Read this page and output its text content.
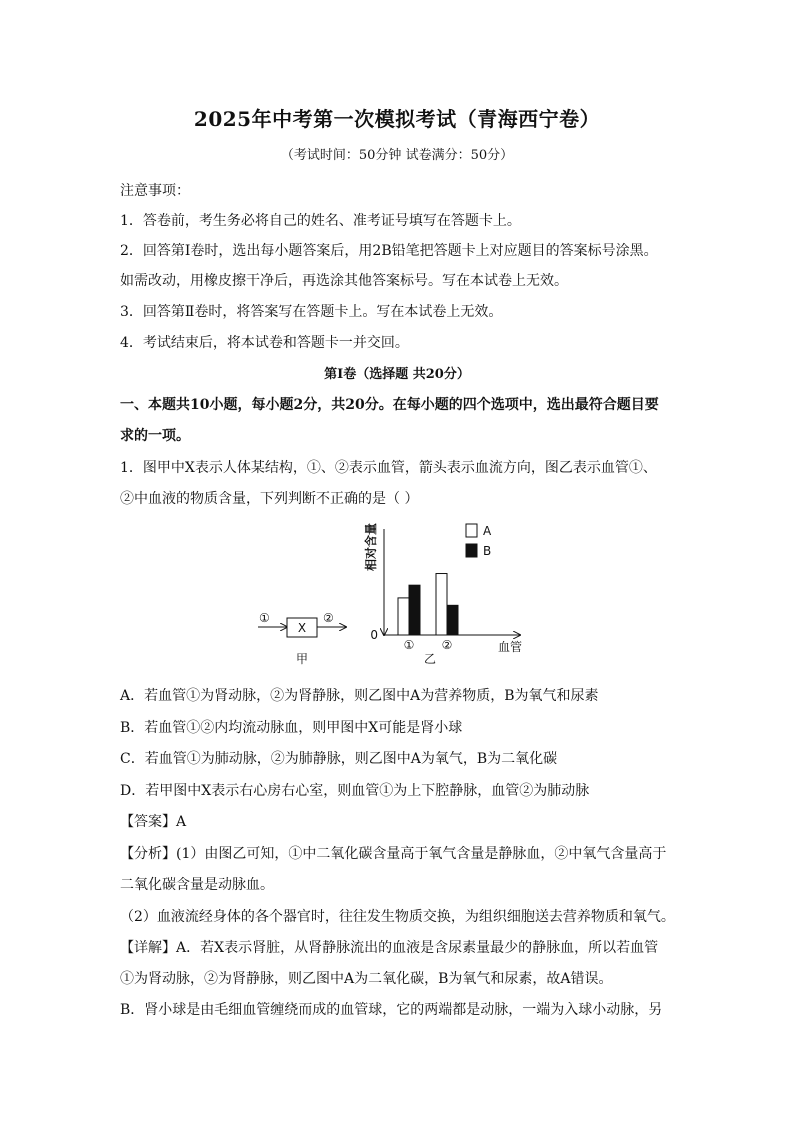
2025年中考第一次模拟考试（青海西宁卷）
（考试时间：50分钟 试卷满分：50分）
注意事项：
1．答卷前，考生务必将自己的姓名、准考证号填写在答题卡上。
2．回答第Ⅰ卷时，选出每小题答案后，用2B铅笔把答题卡上对应题目的答案标号涂黑。
如需改动，用橡皮擦干净后，再选涂其他答案标号。写在本试卷上无效。
3．回答第Ⅱ卷时，将答案写在答题卡上。写在本试卷上无效。
4．考试结束后，将本试卷和答题卡一并交回。
第Ⅰ卷（选择题 共20分）
一、本题共10小题，每小题2分，共20分。在每小题的四个选项中，选出最符合题目要
求的一项。
1．图甲中X表示人体某结构，①、②表示血管，箭头表示血流方向，图乙表示血管①、
②中血液的物质含量，下列判断不正确的是（ ）
①	②
X
甲
0
血管
相对含量
乙
① ②
A
B
A．若血管①为肾动脉，②为肾静脉，则乙图中A为营养物质，B为氧气和尿素
B．若血管①②内均流动脉血，则甲图中X可能是肾小球
C．若血管①为肺动脉，②为肺静脉，则乙图中A为氧气，B为二氧化碳
D．若甲图中X表示右心房右心室，则血管①为上下腔静脉，血管②为肺动脉
【答案】A
【分析】(1）由图乙可知，①中二氧化碳含量高于氧气含量是静脉血，②中氧气含量高于
二氧化碳含量是动脉血。
（2）血液流经身体的各个器官时，往往发生物质交换，为组织细胞送去营养物质和氧气。
【详解】A．若X表示肾脏，从肾静脉流出的血液是含尿素量最少的静脉血，所以若血管
①为肾动脉，②为肾静脉，则乙图中A为二氧化碳，B为氧气和尿素，故A错误。
B．肾小球是由毛细血管缠绕而成的血管球，它的两端都是动脉，一端为入球小动脉，另
